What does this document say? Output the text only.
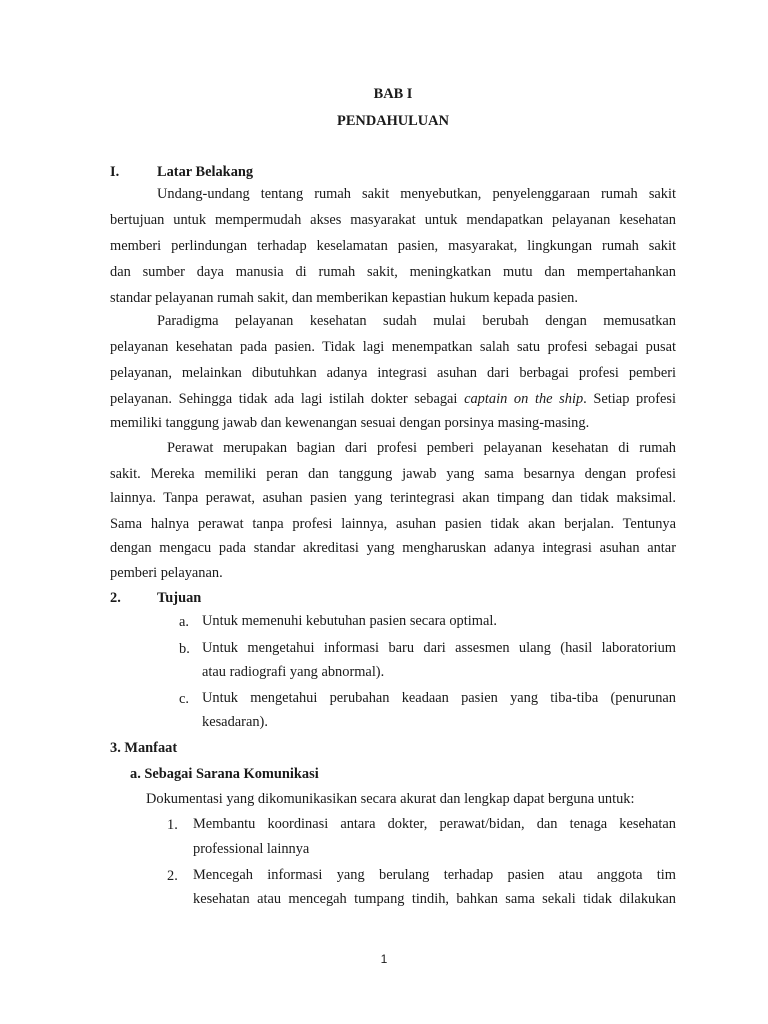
BAB I
PENDAHULUAN
I.	Latar Belakang
Undang-undang tentang rumah sakit menyebutkan, penyelenggaraan rumah sakit
bertujuan untuk mempermudah akses masyarakat untuk mendapatkan pelayanan kesehatan
memberi perlindungan terhadap keselamatan pasien, masyarakat, lingkungan rumah sakit
dan sumber daya manusia di rumah sakit, meningkatkan mutu dan mempertahankan
standar pelayanan rumah sakit, dan memberikan kepastian hukum kepada pasien.
Paradigma pelayanan kesehatan sudah mulai berubah dengan memusatkan
pelayanan kesehatan pada pasien. Tidak lagi menempatkan salah satu profesi sebagai pusat
pelayanan, melainkan dibutuhkan adanya integrasi asuhan dari berbagai profesi pemberi
pelayanan. Sehingga tidak ada lagi istilah dokter sebagai captain on the ship. Setiap profesi
memiliki tanggung jawab dan kewenangan sesuai dengan porsinya masing-masing.
Perawat merupakan bagian dari profesi pemberi pelayanan kesehatan di rumah
sakit. Mereka memiliki peran dan tanggung jawab yang sama besarnya dengan profesi
lainnya. Tanpa perawat, asuhan pasien yang terintegrasi akan timpang dan tidak maksimal.
Sama halnya perawat tanpa profesi lainnya, asuhan pasien tidak akan berjalan. Tentunya
dengan mengacu pada standar akreditasi yang mengharuskan adanya integrasi asuhan antar
pemberi pelayanan.
2.	Tujuan
a. Untuk memenuhi kebutuhan pasien secara optimal.
b. Untuk mengetahui informasi baru dari assesmen ulang (hasil laboratorium
atau radiografi yang abnormal).
c. Untuk mengetahui perubahan keadaan pasien yang tiba-tiba (penurunan
kesadaran).
3. Manfaat
a. Sebagai Sarana Komunikasi
Dokumentasi yang dikomunikasikan secara akurat dan lengkap dapat berguna untuk:
1. Membantu koordinasi antara dokter, perawat/bidan, dan tenaga kesehatan
professional lainnya
2. Mencegah informasi yang berulang terhadap pasien atau anggota tim
kesehatan atau mencegah tumpang tindih, bahkan sama sekali tidak dilakukan
1
